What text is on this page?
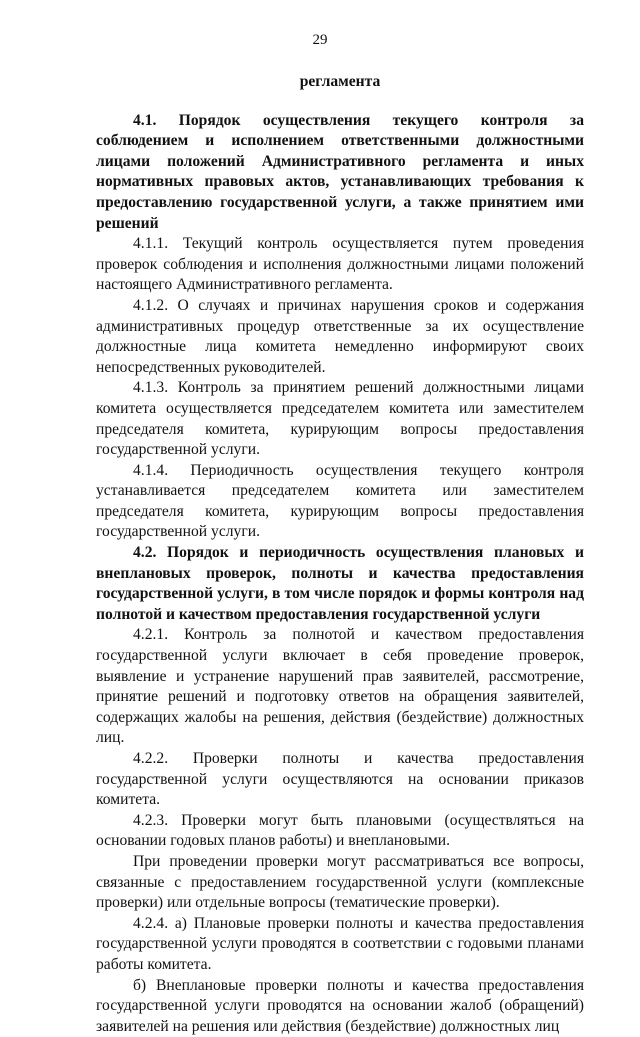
29
регламента

4.1. Порядок осуществления текущего контроля за соблюдением и исполнением ответственными должностными лицами положений Административного регламента и иных нормативных правовых актов, устанавливающих требования к предоставлению государственной услуги, а также принятием ими решений

4.1.1. Текущий контроль осуществляется путем проведения проверок соблюдения и исполнения должностными лицами положений настоящего Административного регламента.

4.1.2. О случаях и причинах нарушения сроков и содержания административных процедур ответственные за их осуществление должностные лица комитета немедленно информируют своих непосредственных руководителей.

4.1.3. Контроль за принятием решений должностными лицами комитета осуществляется председателем комитета или заместителем председателя комитета, курирующим вопросы предоставления государственной услуги.

4.1.4. Периодичность осуществления текущего контроля устанавливается председателем комитета или заместителем председателя комитета, курирующим вопросы предоставления государственной услуги.

4.2. Порядок и периодичность осуществления плановых и внеплановых проверок, полноты и качества предоставления государственной услуги, в том числе порядок и формы контроля над полнотой и качеством предоставления государственной услуги

4.2.1. Контроль за полнотой и качеством предоставления государственной услуги включает в себя проведение проверок, выявление и устранение нарушений прав заявителей, рассмотрение, принятие решений и подготовку ответов на обращения заявителей, содержащих жалобы на решения, действия (бездействие) должностных лиц.

4.2.2. Проверки полноты и качества предоставления государственной услуги осуществляются на основании приказов комитета.

4.2.3. Проверки могут быть плановыми (осуществляться на основании годовых планов работы) и внеплановыми.

При проведении проверки могут рассматриваться все вопросы, связанные с предоставлением государственной услуги (комплексные проверки) или отдельные вопросы (тематические проверки).

4.2.4. а) Плановые проверки полноты и качества предоставления государственной услуги проводятся в соответствии с годовыми планами работы комитета.

б) Внеплановые проверки полноты и качества предоставления государственной услуги проводятся на основании жалоб (обращений) заявителей на решения или действия (бездействие) должностных лиц
